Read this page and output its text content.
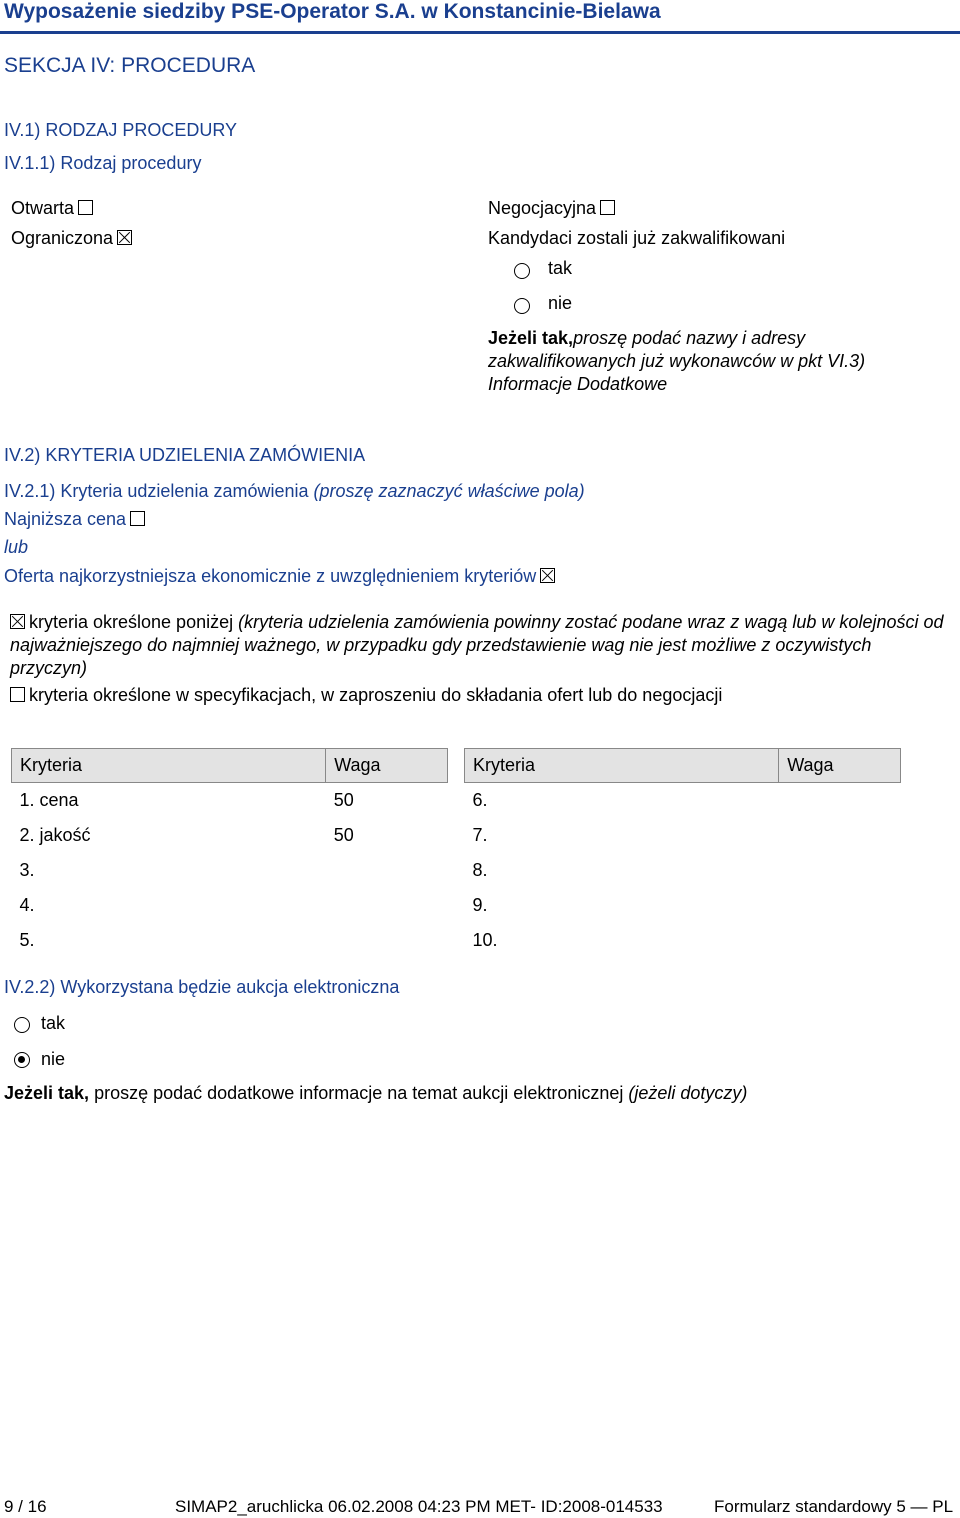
Wyposażenie siedziby PSE-Operator S.A. w Konstancinie-Bielawa
SEKCJA IV: PROCEDURA
IV.1) RODZAJ PROCEDURY
IV.1.1) Rodzaj procedury
Otwarta
Ograniczona
Negocjacyjna
Kandydaci zostali już zakwalifikowani
tak
nie
Jeżeli tak,proszę podać nazwy i adresy
zakwalifikowanych już wykonawców w pkt VI.3)
Informacje Dodatkowe
IV.2) KRYTERIA UDZIELENIA ZAMÓWIENIA
IV.2.1) Kryteria udzielenia zamówienia (proszę zaznaczyć właściwe pola)
Najniższa cena
lub
Oferta najkorzystniejsza ekonomicznie z uwzględnieniem kryteriów
kryteria określone poniżej (kryteria udzielenia zamówienia powinny zostać podane wraz z wagą lub w kolejności od najważniejszego do najmniej ważnego, w przypadku gdy przedstawienie wag nie jest możliwe z oczywistych przyczyn)
kryteria określone w specyfikacjach, w zaproszeniu do składania ofert lub do negocjacji
Kryteria	Waga
1. cena	50
2. jakość	50
3.	
4.	
5.	
Kryteria	Waga
6.	
7.	
8.	
9.	
10.	
IV.2.2) Wykorzystana będzie aukcja elektroniczna
tak
nie
Jeżeli tak, proszę podać dodatkowe informacje na temat aukcji elektronicznej (jeżeli dotyczy)
9 / 16	SIMAP2_aruchlicka 06.02.2008 04:23 PM MET- ID:2008-014533	Formularz standardowy 5 — PL
